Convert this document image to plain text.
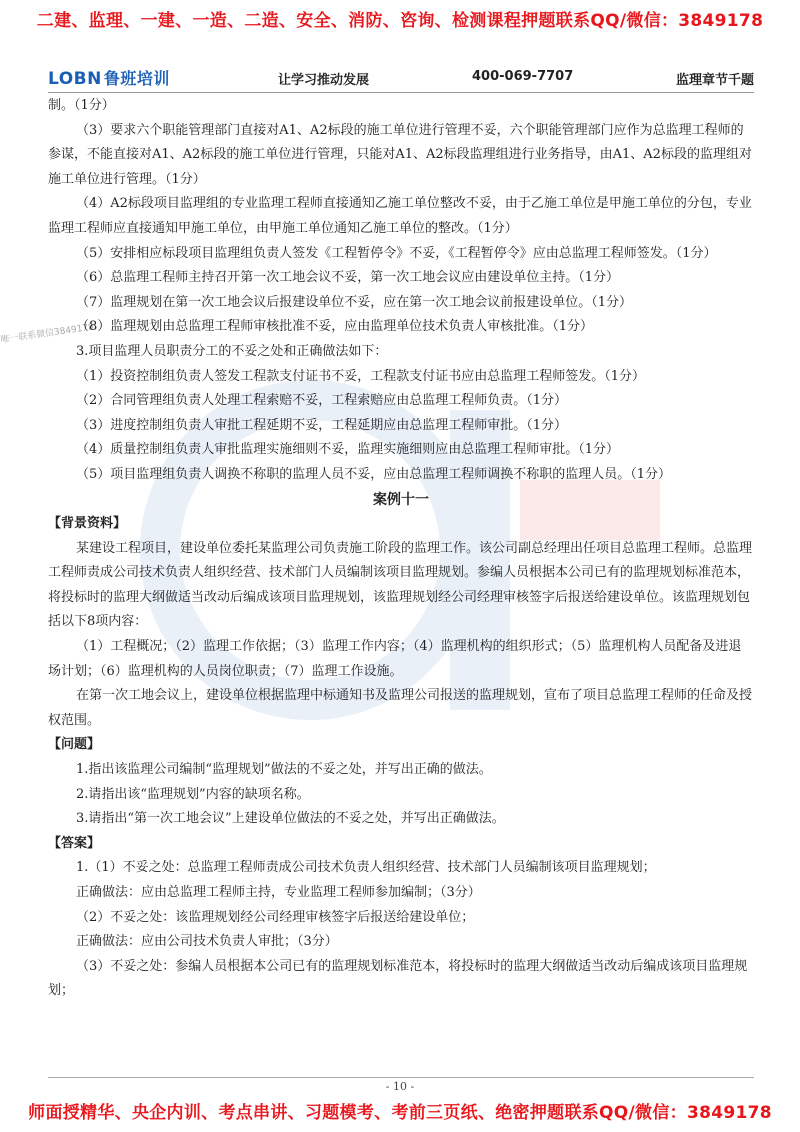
二建、监理、一建、一造、二造、安全、消防、咨询、检测课程押题联系QQ/微信：3849178
LOBN 鲁班培训	让学习推动发展	400-069-7707	监理章节千题
唯一联系微信3849178

制。（1分）

（3）要求六个职能管理部门直接对A1、A2标段的施工单位进行管理不妥，六个职能管理部门应作为总监理工程师的参谋，不能直接对A1、A2标段的施工单位进行管理，只能对A1、A2标段监理组进行业务指导，由A1、A2标段的监理组对施工单位进行管理。（1分）

（4）A2标段项目监理组的专业监理工程师直接通知乙施工单位整改不妥，由于乙施工单位是甲施工单位的分包，专业监理工程师应直接通知甲施工单位，由甲施工单位通知乙施工单位的整改。（1分）

（5）安排相应标段项目监理组负责人签发《工程暂停令》不妥，《工程暂停令》应由总监理工程师签发。（1分）

（6）总监理工程师主持召开第一次工地会议不妥，第一次工地会议应由建设单位主持。（1分）

（7）监理规划在第一次工地会议后报建设单位不妥，应在第一次工地会议前报建设单位。（1分）

（8）监理规划由总监理工程师审核批准不妥，应由监理单位技术负责人审核批准。（1分）

3.项目监理人员职责分工的不妥之处和正确做法如下：

（1）投资控制组负责人签发工程款支付证书不妥，工程款支付证书应由总监理工程师签发。（1分）

（2）合同管理组负责人处理工程索赔不妥，工程索赔应由总监理工程师负责。（1分）

（3）进度控制组负责人审批工程延期不妥，工程延期应由总监理工程师审批。（1分）

（4）质量控制组负责人审批监理实施细则不妥，监理实施细则应由总监理工程师审批。（1分）

（5）项目监理组负责人调换不称职的监理人员不妥，应由总监理工程师调换不称职的监理人员。（1分）

案例十一

【背景资料】

某建设工程项目，建设单位委托某监理公司负责施工阶段的监理工作。该公司副总经理出任项目总监理工程师。总监理工程师责成公司技术负责人组织经营、技术部门人员编制该项目监理规划。参编人员根据本公司已有的监理规划标准范本，将投标时的监理大纲做适当改动后编成该项目监理规划，该监理规划经公司经理审核签字后报送给建设单位。该监理规划包括以下8项内容：

（1）工程概况；（2）监理工作依据；（3）监理工作内容；（4）监理机构的组织形式；（5）监理机构人员配备及进退场计划；（6）监理机构的人员岗位职责；（7）监理工作设施。

在第一次工地会议上，建设单位根据监理中标通知书及监理公司报送的监理规划，宣布了项目总监理工程师的任命及授权范围。

【问题】

1.指出该监理公司编制“监理规划”做法的不妥之处，并写出正确的做法。

2.请指出该“监理规划”内容的缺项名称。

3.请指出“第一次工地会议”上建设单位做法的不妥之处，并写出正确做法。

【答案】

1.（1）不妥之处：总监理工程师责成公司技术负责人组织经营、技术部门人员编制该项目监理规划；

正确做法：应由总监理工程师主持，专业监理工程师参加编制；（3分）

（2）不妥之处：该监理规划经公司经理审核签字后报送给建设单位；

正确做法：应由公司技术负责人审批；（3分）

（3）不妥之处：参编人员根据本公司已有的监理规划标准范本，将投标时的监理大纲做适当改动后编成该项目监理规划；

- 10 -
师面授精华、央企内训、考点串讲、习题模考、考前三页纸、绝密押题联系QQ/微信：3849178
